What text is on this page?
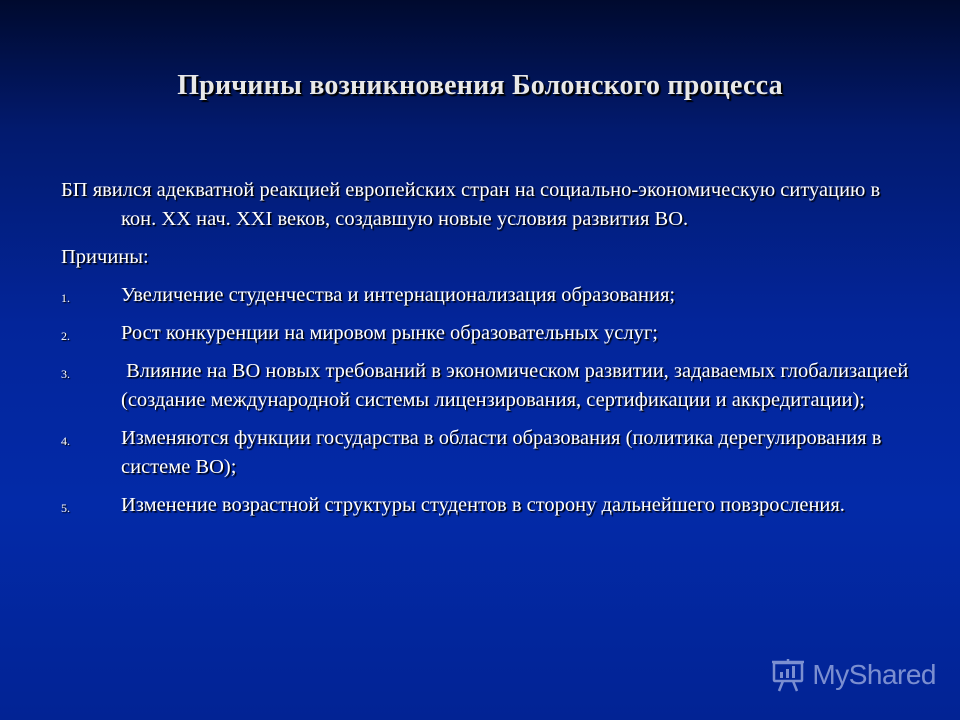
Причины возникновения Болонского процесса

БП явился адекватной реакцией европейских стран на социально-экономическую ситуацию в кон. ХХ нач. ХХI веков, создавшую новые условия развития ВО.

Причины:

1. Увеличение студенчества и интернационализация образования;
2. Рост конкуренции на мировом рынке образовательных услуг;
3. Влияние на ВО новых требований в экономическом развитии, задаваемых глобализацией (создание международной системы лицензирования, сертификации и аккредитации);
4. Изменяются функции государства в области образования (политика дерегулирования в системе ВО);
5. Изменение возрастной структуры студентов в сторону дальнейшего повзросления.
MyShared
